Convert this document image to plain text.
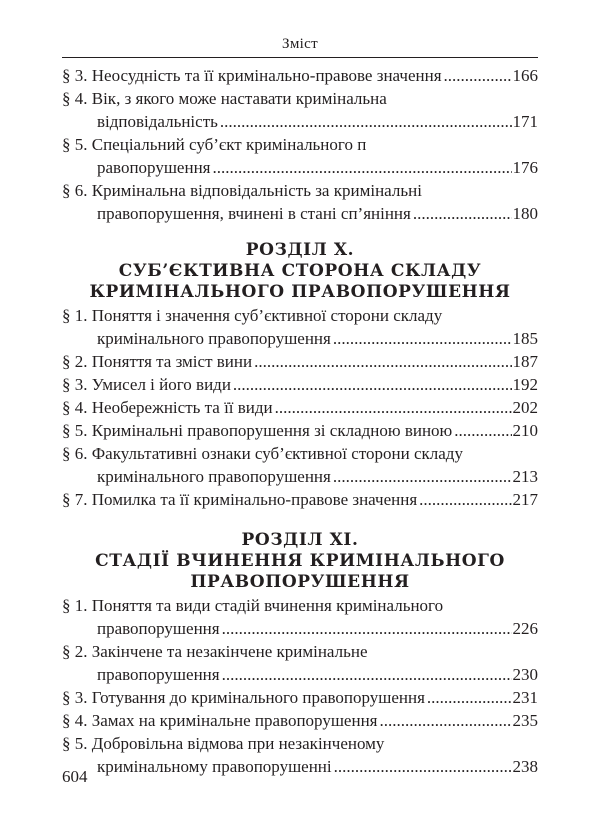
Зміст
§ 3. Неосудність та її кримінально-правове значення .....	166
§ 4. Вік, з якого може наставати кримінальна
відповідальність .....	171
§ 5. Спеціальний суб’єкт кримінального п
равопорушення .....	176
§ 6. Кримінальна відповідальність за кримінальні
правопорушення, вчинені в стані сп’яніння .....	180
РОЗДІЛ X.
СУБ’ЄКТИВНА СТОРОНА СКЛАДУ
КРИМІНАЛЬНОГО ПРАВОПОРУШЕННЯ
§ 1. Поняття і значення суб’єктивної сторони складу
кримінального правопорушення .....	185
§ 2. Поняття та зміст вини .....	187
§ 3. Умисел і його види .....	192
§ 4. Необережність та її види .....	202
§ 5. Кримінальні правопорушення зі складною виною .....	210
§ 6. Факультативні ознаки суб’єктивної сторони складу
кримінального правопорушення .....	213
§ 7. Помилка та її кримінально-правове значення .....	217
РОЗДІЛ XI.
СТАДІЇ ВЧИНЕННЯ КРИМІНАЛЬНОГО
ПРАВОПОРУШЕННЯ
§ 1. Поняття та види стадій вчинення кримінального
правопорушення .....	226
§ 2. Закінчене та незакінчене кримінальне
правопорушення .....	230
§ 3. Готування до кримінального правопорушення .....	231
§ 4. Замах на кримінальне правопорушення .....	235
§ 5. Добровільна відмова при незакінченому
кримінальному правопорушенні .....	238
604
